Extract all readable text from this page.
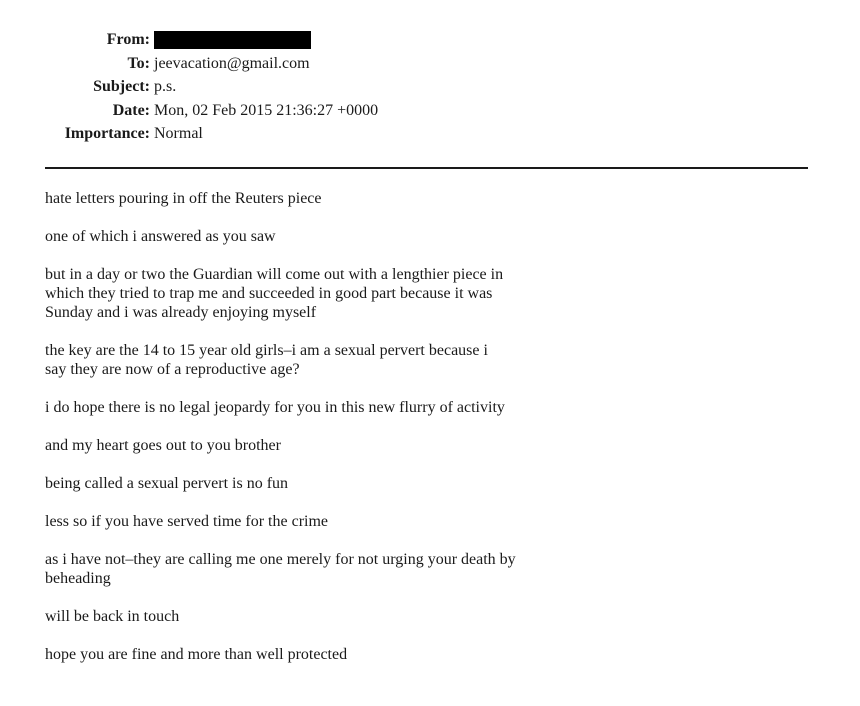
From:
To: jeevacation@gmail.com
Subject: p.s.
Date: Mon, 02 Feb 2015 21:36:27 +0000
Importance: Normal

hate letters pouring in off the Reuters piece

one of which i answered as you saw

but in a day or two the Guardian will come out with a lengthier piece in
which they tried to trap me and succeeded in good part because it was
Sunday and i was already enjoying myself

the key are the 14 to 15 year old girls–i am a sexual pervert because i
say they are now of a reproductive age?

i do hope there is no legal jeopardy for you in this new flurry of activity

and my heart goes out to you brother

being called a sexual pervert is no fun

less so if you have served time for the crime

as i have not–they are calling me one merely for not urging your death by
beheading

will be back in touch

hope you are fine and more than well protected
